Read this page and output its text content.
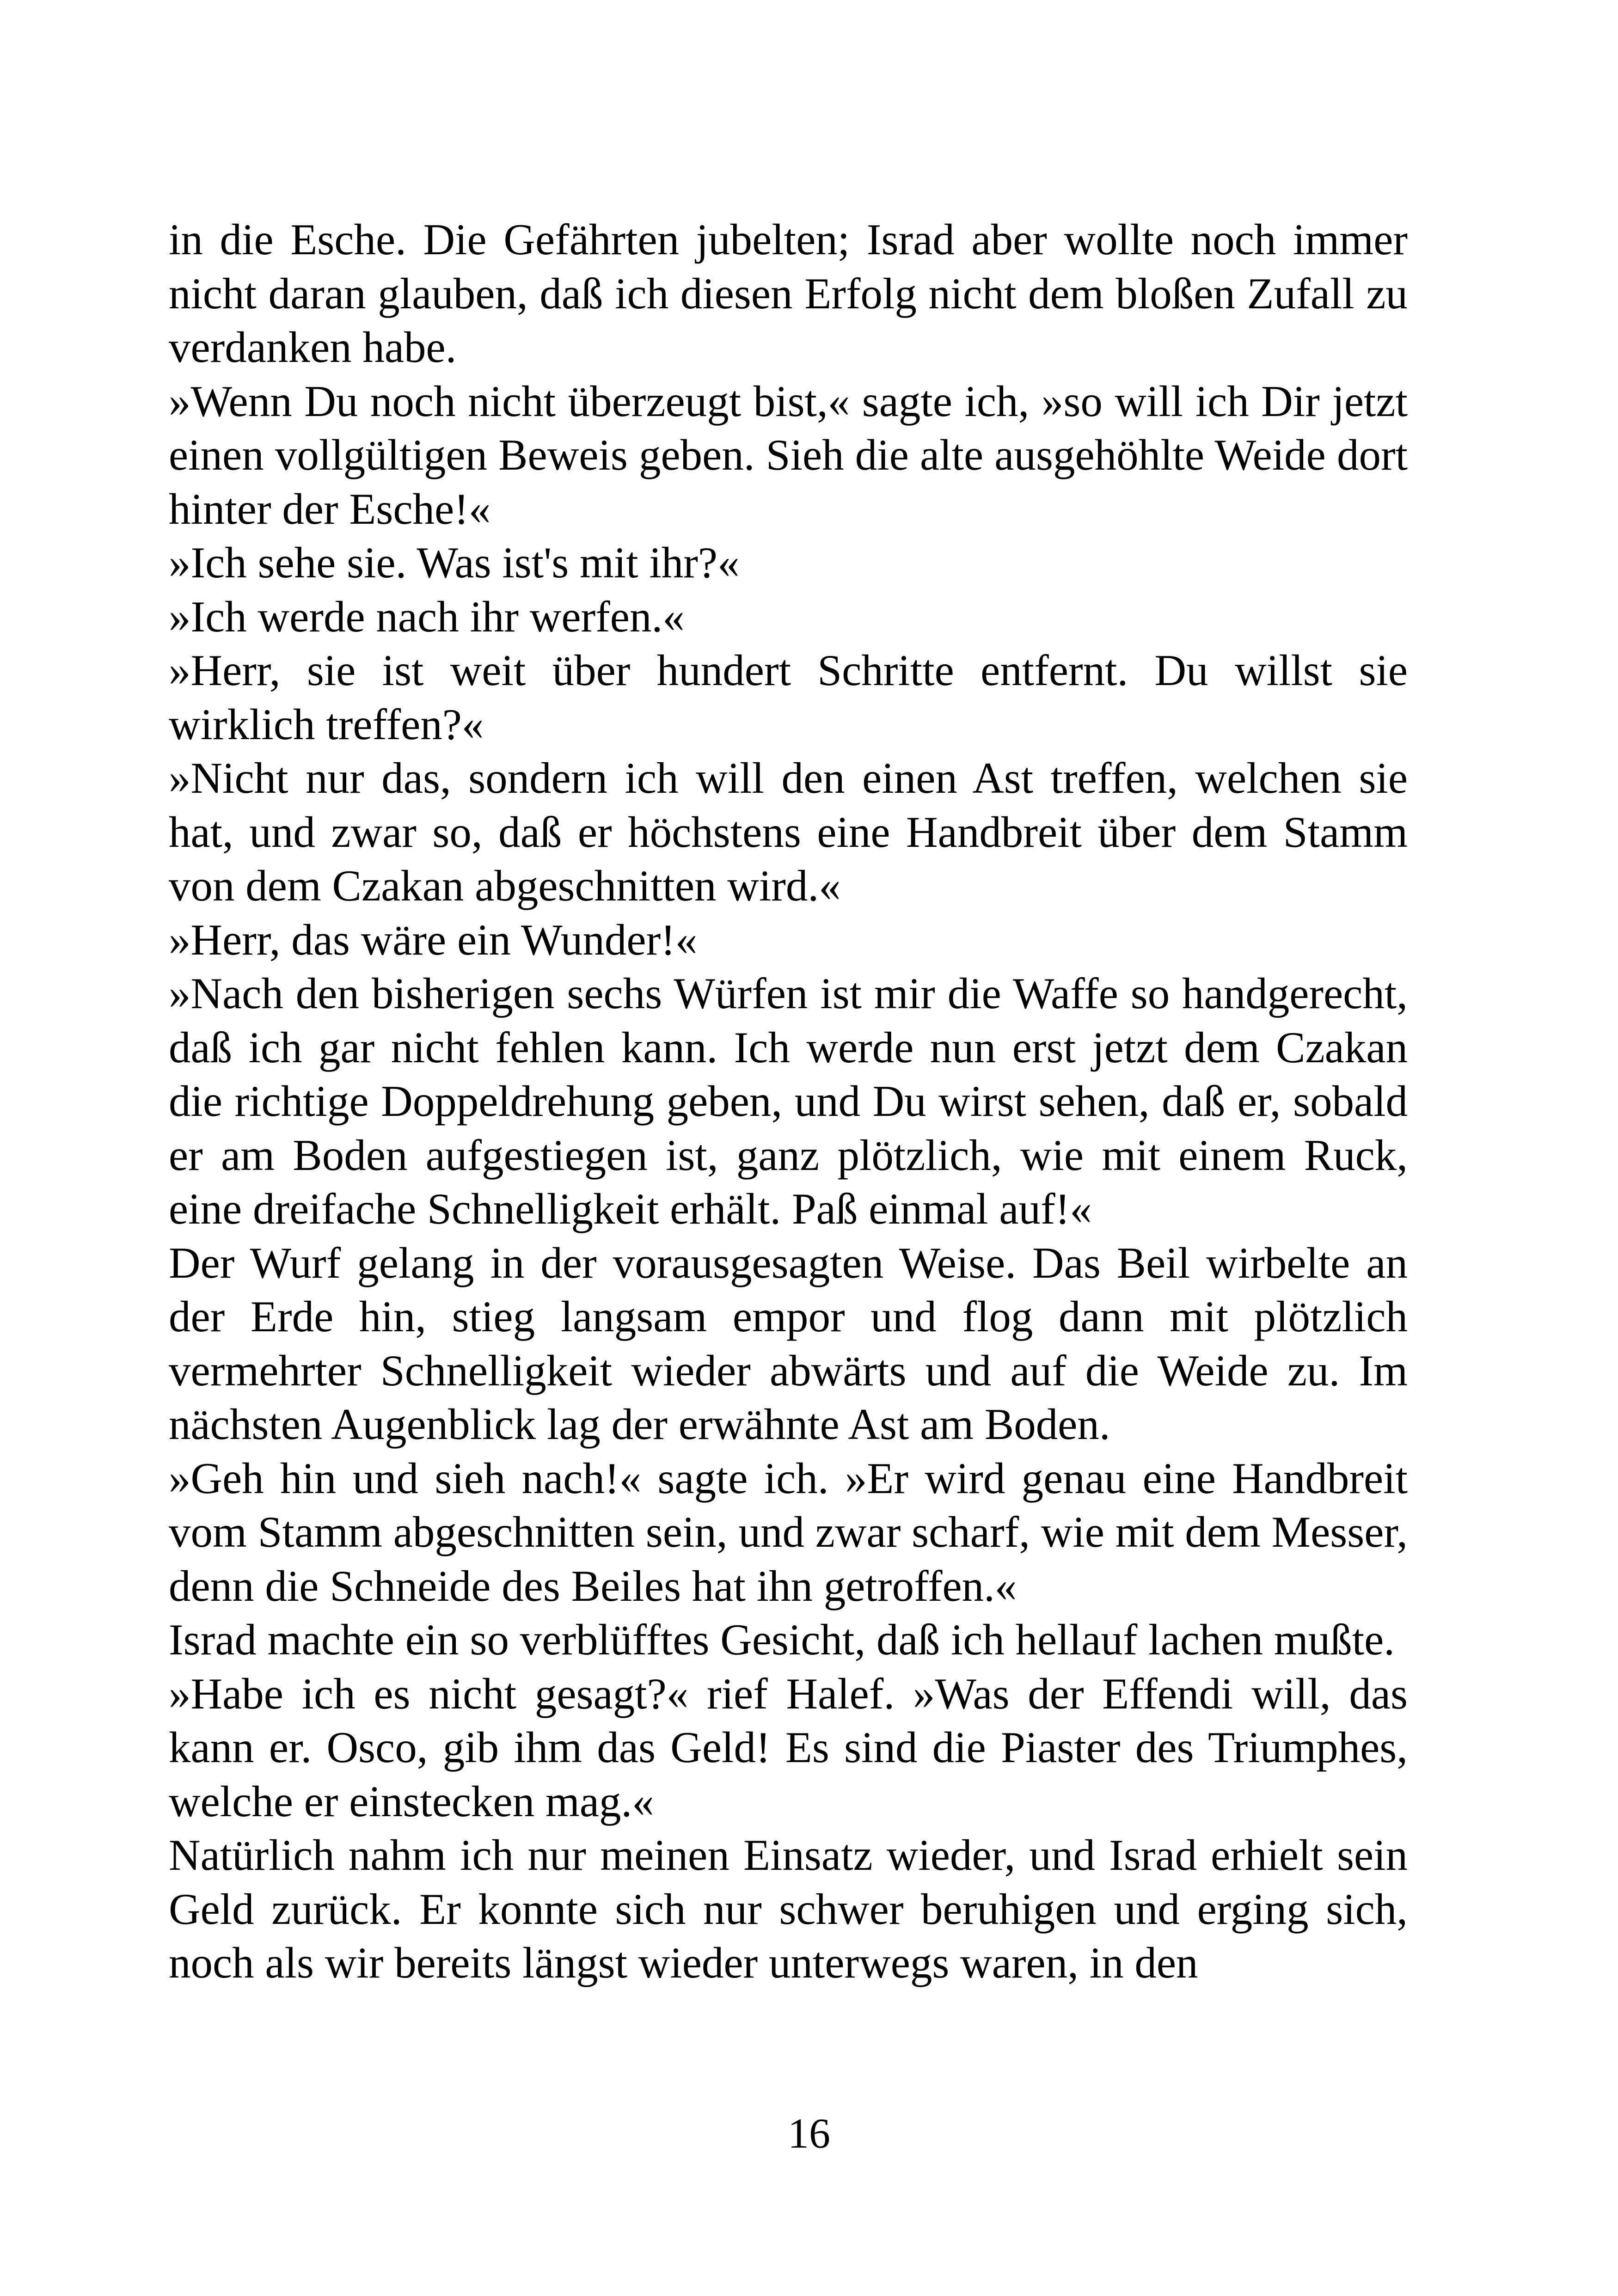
in die Esche. Die Gefährten jubelten; Israd aber wollte noch immer nicht daran glauben, daß ich diesen Erfolg nicht dem bloßen Zufall zu verdanken habe.

»Wenn Du noch nicht überzeugt bist,« sagte ich, »so will ich Dir jetzt einen vollgültigen Beweis geben. Sieh die alte ausgehöhlte Weide dort hinter der Esche!«

»Ich sehe sie. Was ist's mit ihr?«

»Ich werde nach ihr werfen.«

»Herr, sie ist weit über hundert Schritte entfernt. Du willst sie wirklich treffen?«

»Nicht nur das, sondern ich will den einen Ast treffen, welchen sie hat, und zwar so, daß er höchstens eine Handbreit über dem Stamm von dem Czakan abgeschnitten wird.«

»Herr, das wäre ein Wunder!«

»Nach den bisherigen sechs Würfen ist mir die Waffe so handgerecht, daß ich gar nicht fehlen kann. Ich werde nun erst jetzt dem Czakan die richtige Doppeldrehung geben, und Du wirst sehen, daß er, sobald er am Boden aufgestiegen ist, ganz plötzlich, wie mit einem Ruck, eine dreifache Schnelligkeit erhält. Paß einmal auf!«

Der Wurf gelang in der vorausgesagten Weise. Das Beil wirbelte an der Erde hin, stieg langsam empor und flog dann mit plötzlich vermehrter Schnelligkeit wieder abwärts und auf die Weide zu. Im nächsten Augenblick lag der erwähnte Ast am Boden.

»Geh hin und sieh nach!« sagte ich. »Er wird genau eine Handbreit vom Stamm abgeschnitten sein, und zwar scharf, wie mit dem Messer, denn die Schneide des Beiles hat ihn getroffen.«

Israd machte ein so verblüfftes Gesicht, daß ich hellauf lachen mußte.

»Habe ich es nicht gesagt?« rief Halef. »Was der Effendi will, das kann er. Osco, gib ihm das Geld! Es sind die Piaster des Triumphes, welche er einstecken mag.«

Natürlich nahm ich nur meinen Einsatz wieder, und Israd erhielt sein Geld zurück. Er konnte sich nur schwer beruhigen und erging sich, noch als wir bereits längst wieder unterwegs waren, in den

16
